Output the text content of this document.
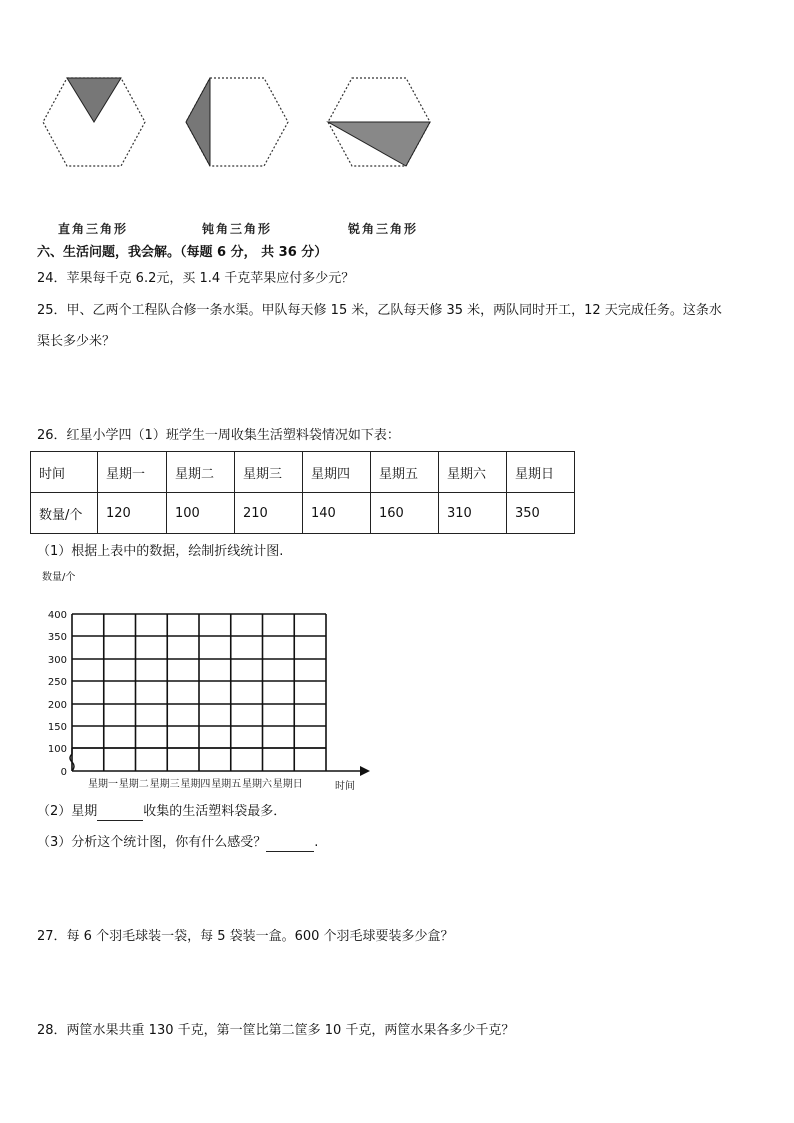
直角三角形	钝角三角形	锐角三角形
六、生活问题，我会解。（每题 6 分， 共 36 分）
24．苹果每千克 6.2元，买 1.4 千克苹果应付多少元？
25．甲、乙两个工程队合修一条水渠。甲队每天修 15 米，乙队每天修 35 米，两队同时开工，12 天完成任务。这条水
渠长多少米？
26．红星小学四（1）班学生一周收集生活塑料袋情况如下表：
时间	星期一	星期二	星期三	星期四	星期五	星期六	星期日
数量/个	120	100	210	140	160	310	350
（1）根据上表中的数据，绘制折线统计图.
数量/个
0
100
150
200
250
300
350
400
星期一 星期二 星期三 星期四 星期五 星期六 星期日	时间
（2）星期	收集的生活塑料袋最多．
（3）分析这个统计图，你有什么感受？	.
27．每 6 个羽毛球装一袋，每 5 袋装一盒。600 个羽毛球要装多少盒？
28．两筐水果共重 130 千克，第一筐比第二筐多 10 千克，两筐水果各多少千克？
